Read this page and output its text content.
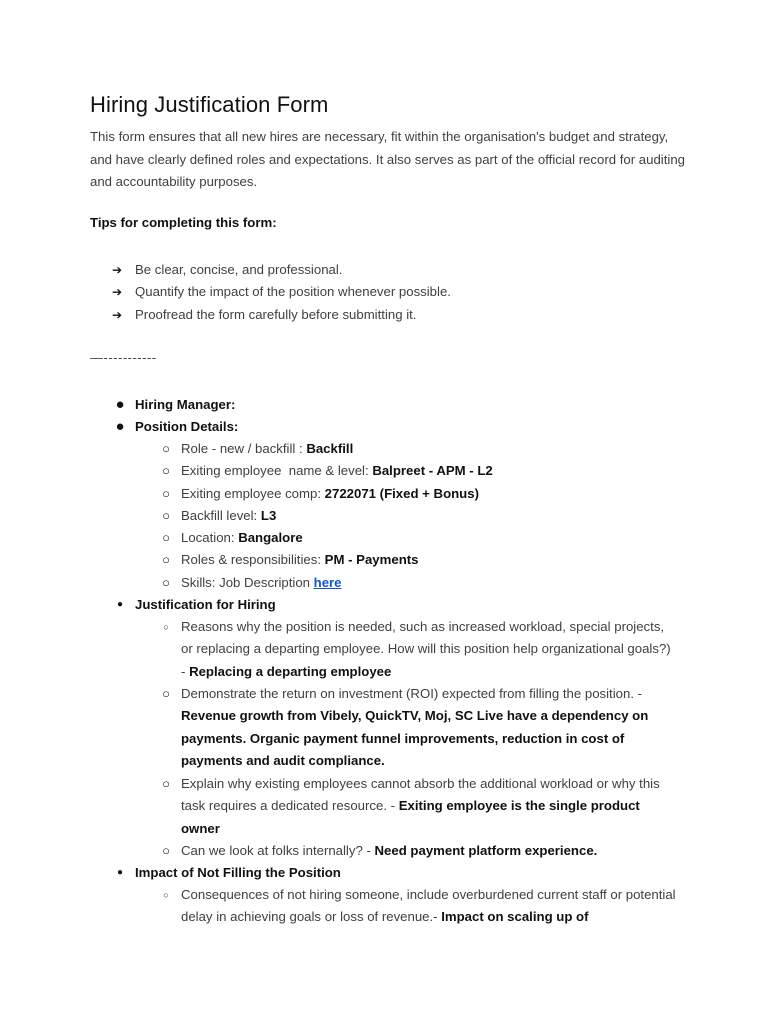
Hiring Justification Form

This form ensures that all new hires are necessary, fit within the organisation's budget and strategy, and have clearly defined roles and expectations. It also serves as part of the official record for auditing and accountability purposes.

Tips for completing this form:

➔ Be clear, concise, and professional.
➔ Quantify the impact of the position whenever possible.
➔ Proofread the form carefully before submitting it.

—-----------

● Hiring Manager:
● Position Details:
○ Role - new / backfill : Backfill
○ Exiting employee  name & level: Balpreet - APM - L2
○ Exiting employee comp: 2722071 (Fixed + Bonus)
○ Backfill level: L3
○ Location: Bangalore
○ Roles & responsibilities: PM - Payments
○ Skills: Job Description here
● Justification for Hiring
○ Reasons why the position is needed, such as increased workload, special projects, or replacing a departing employee. How will this position help organizational goals?) - Replacing a departing employee
○ Demonstrate the return on investment (ROI) expected from filling the position. - Revenue growth from Vibely, QuickTV, Moj, SC Live have a dependency on payments. Organic payment funnel improvements, reduction in cost of payments and audit compliance.
○ Explain why existing employees cannot absorb the additional workload or why this task requires a dedicated resource. - Exiting employee is the single product owner
○ Can we look at folks internally? - Need payment platform experience.
● Impact of Not Filling the Position
○ Consequences of not hiring someone, include overburdened current staff or potential delay in achieving goals or loss of revenue.- Impact on scaling up of
